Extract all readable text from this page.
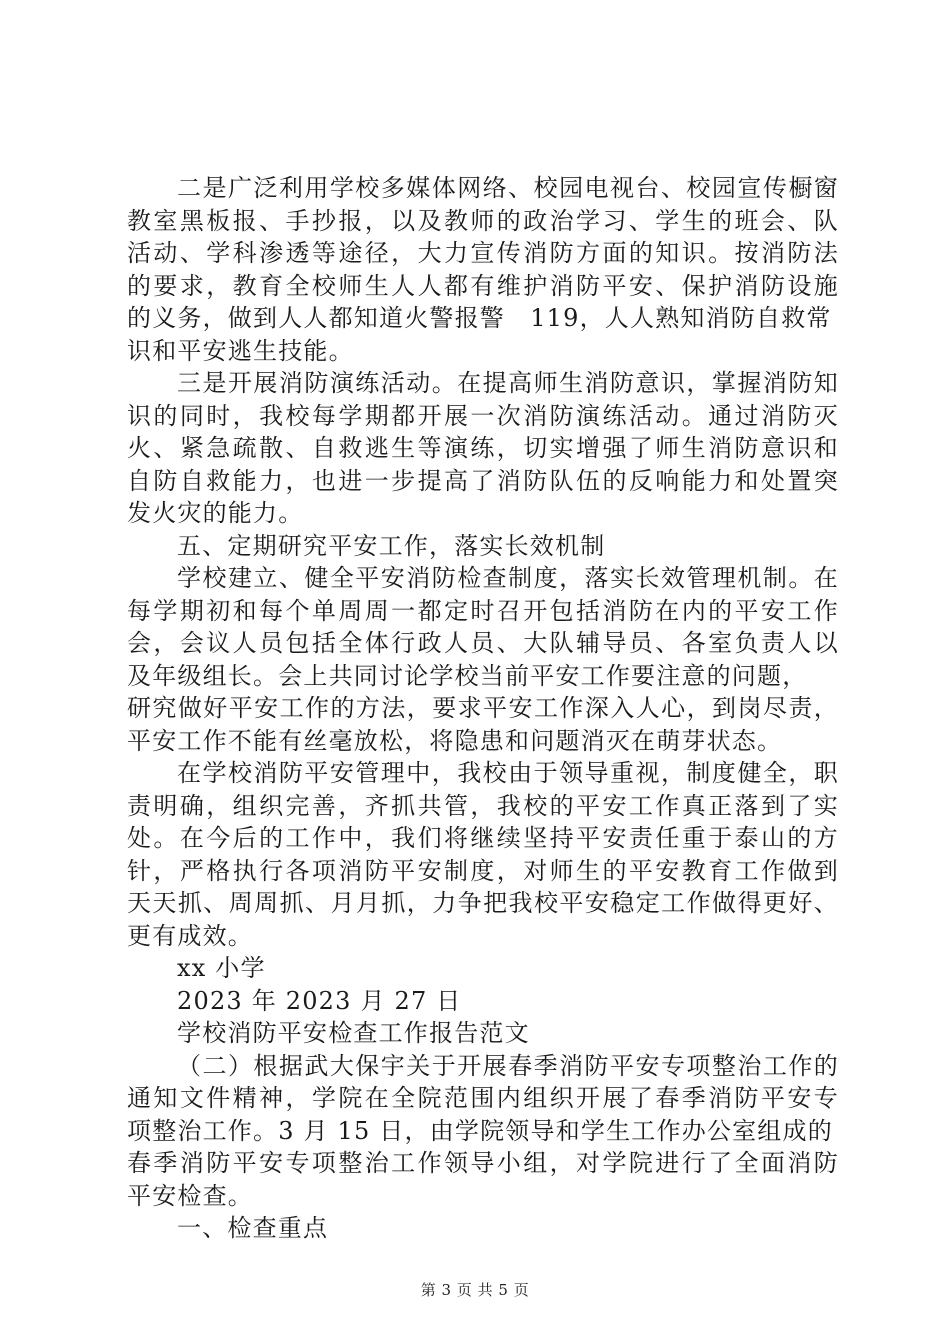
二是广泛利用学校多媒体网络、校园电视台、校园宣传橱窗
教室黑板报、手抄报，以及教师的政治学习、学生的班会、队
活动、学科渗透等途径，大力宣传消防方面的知识。按消防法
的要求，教育全校师生人人都有维护消防平安、保护消防设施
的义务，做到人人都知道火警报警　119，人人熟知消防自救常
识和平安逃生技能。
三是开展消防演练活动。在提高师生消防意识，掌握消防知
识的同时，我校每学期都开展一次消防演练活动。通过消防灭
火、紧急疏散、自救逃生等演练，切实增强了师生消防意识和
自防自救能力，也进一步提高了消防队伍的反响能力和处置突
发火灾的能力。
五、定期研究平安工作，落实长效机制
学校建立、健全平安消防检查制度，落实长效管理机制。在
每学期初和每个单周周一都定时召开包括消防在内的平安工作
会，会议人员包括全体行政人员、大队辅导员、各室负责人以
及年级组长。会上共同讨论学校当前平安工作要注意的问题，
研究做好平安工作的方法，要求平安工作深入人心，到岗尽责，
平安工作不能有丝毫放松，将隐患和问题消灭在萌芽状态。
在学校消防平安管理中，我校由于领导重视，制度健全，职
责明确，组织完善，齐抓共管，我校的平安工作真正落到了实
处。在今后的工作中，我们将继续坚持平安责任重于泰山的方
针，严格执行各项消防平安制度，对师生的平安教育工作做到
天天抓、周周抓、月月抓，力争把我校平安稳定工作做得更好、
更有成效。
xx 小学
2023 年 2023 月 27 日
学校消防平安检查工作报告范文
（二）根据武大保宇关于开展春季消防平安专项整治工作的
通知文件精神，学院在全院范围内组织开展了春季消防平安专
项整治工作。3 月 15 日，由学院领导和学生工作办公室组成的
春季消防平安专项整治工作领导小组，对学院进行了全面消防
平安检查。
一、检查重点
第 3 页 共 5 页
